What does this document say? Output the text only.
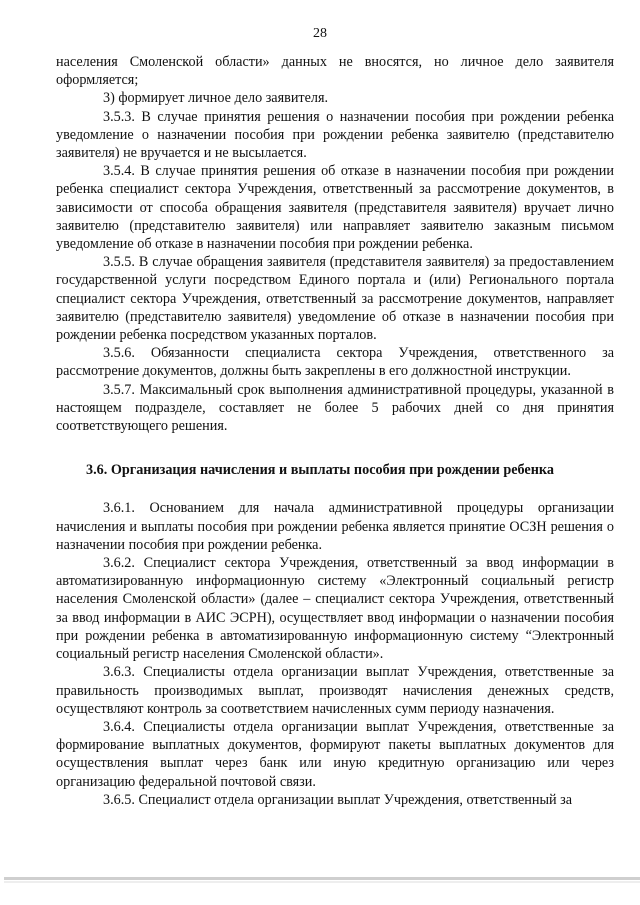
28

населения Смоленской области» данных не вносятся, но личное дело заявителя оформляется;

3) формирует личное дело заявителя.

3.5.3. В случае принятия решения о назначении пособия при рождении ребенка уведомление о назначении пособия при рождении ребенка заявителю (представителю заявителя) не вручается и не высылается.

3.5.4. В случае принятия решения об отказе в назначении пособия при рождении ребенка специалист сектора Учреждения, ответственный за рассмотрение документов, в зависимости от способа обращения заявителя (представителя заявителя) вручает лично заявителю (представителю заявителя) или направляет заявителю заказным письмом уведомление об отказе в назначении пособия при рождении ребенка.

3.5.5. В случае обращения заявителя (представителя заявителя) за предоставлением государственной услуги посредством Единого портала и (или) Регионального портала специалист сектора Учреждения, ответственный за рассмотрение документов, направляет заявителю (представителю заявителя) уведомление об отказе в назначении пособия при рождении ребенка посредством указанных порталов.

3.5.6. Обязанности специалиста сектора Учреждения, ответственного за рассмотрение документов, должны быть закреплены в его должностной инструкции.

3.5.7. Максимальный срок выполнения административной процедуры, указанной в настоящем подразделе, составляет не более 5 рабочих дней со дня принятия соответствующего решения.

3.6. Организация начисления и выплаты пособия при рождении ребенка

3.6.1. Основанием для начала административной процедуры организации начисления и выплаты пособия при рождении ребенка является принятие ОСЗН решения о назначении пособия при рождении ребенка.

3.6.2. Специалист сектора Учреждения, ответственный за ввод информации в автоматизированную информационную систему «Электронный социальный регистр населения Смоленской области» (далее – специалист сектора Учреждения, ответственный за ввод информации в АИС ЭСРН), осуществляет ввод информации о назначении пособия при рождении ребенка в автоматизированную информационную систему “Электронный социальный регистр населения Смоленской области».

3.6.3. Специалисты отдела организации выплат Учреждения, ответственные за правильность производимых выплат, производят начисления денежных средств, осуществляют контроль за соответствием начисленных сумм периоду назначения.

3.6.4. Специалисты отдела организации выплат Учреждения, ответственные за формирование выплатных документов, формируют пакеты выплатных документов для осуществления выплат через банк или иную кредитную организацию или через организацию федеральной почтовой связи.

3.6.5. Специалист отдела организации выплат Учреждения, ответственный за
